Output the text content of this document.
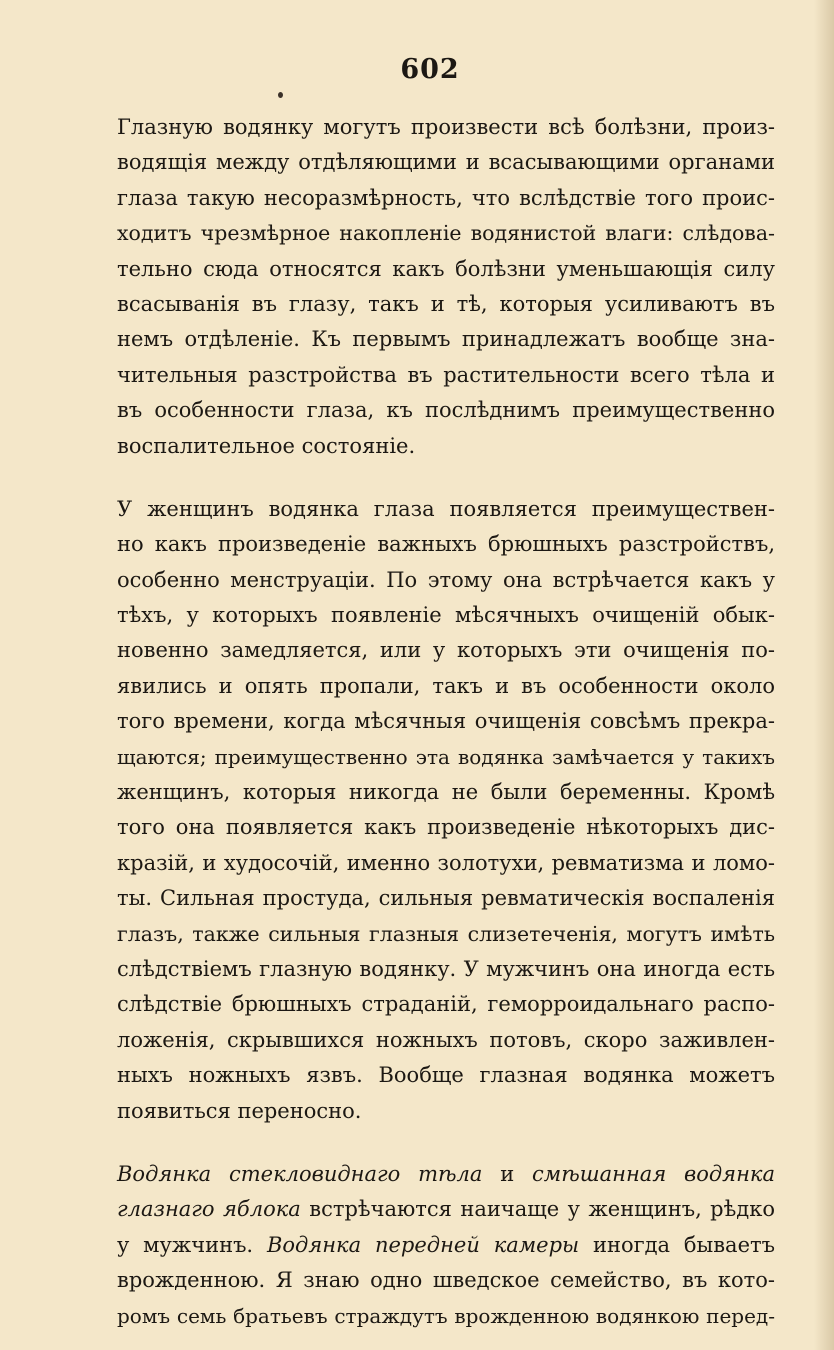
602

Глазную водянку могутъ произвести всѣ болѣзни, произ-

водящія между отдѣляющими и всасывающими органами

глаза такую несоразмѣрность, что вслѣдствіе того проис-

ходитъ чрезмѣрное накопленіе водянистой влаги: слѣдова-

тельно сюда относятся какъ болѣзни уменьшающія силу

всасыванія въ глазу, такъ и тѣ, которыя усиливаютъ въ

немъ отдѣленіе. Къ первымъ принадлежатъ вообще зна-

чительныя разстройства въ растительности всего тѣла и

въ особенности глаза, къ послѣднимъ преимущественно

воспалительное состояніе.

У женщинъ водянка глаза появляется преимуществен-

но какъ произведеніе важныхъ брюшныхъ разстройствъ,

особенно менструаціи. По этому она встрѣчается какъ у

тѣхъ, у которыхъ появленіе мѣсячныхъ очищеній обык-

новенно замедляется, или у которыхъ эти очищенія по-

явились и опять пропали, такъ и въ особенности около

того времени, когда мѣсячныя очищенія совсѣмъ прекра-

щаются; преимущественно эта водянка замѣчается у такихъ

женщинъ, которыя никогда не были беременны. Кромѣ

того она появляется какъ произведеніе нѣкоторыхъ дис-

кразій, и худосочій, именно золотухи, ревматизма и ломо-

ты. Сильная простуда, сильныя ревматическія воспаленія

глазъ, также сильныя глазныя слизетеченія, могутъ имѣть

слѣдствіемъ глазную водянку. У мужчинъ она иногда есть

слѣдствіе брюшныхъ страданій, геморроидальнаго распо-

ложенія, скрывшихся ножныхъ потовъ, скоро заживлен-

ныхъ ножныхъ язвъ. Вообще глазная водянка можетъ

появиться переносно.

Водянка стекловиднаго тѣла и смѣшанная водянка

глазнаго яблока встрѣчаются наичаще у женщинъ, рѣдко

у мужчинъ. Водянка передней камеры иногда бываетъ

врожденною. Я знаю одно шведское семейство, въ кото-

ромъ семь братьевъ страждутъ врожденною водянкою перед-
